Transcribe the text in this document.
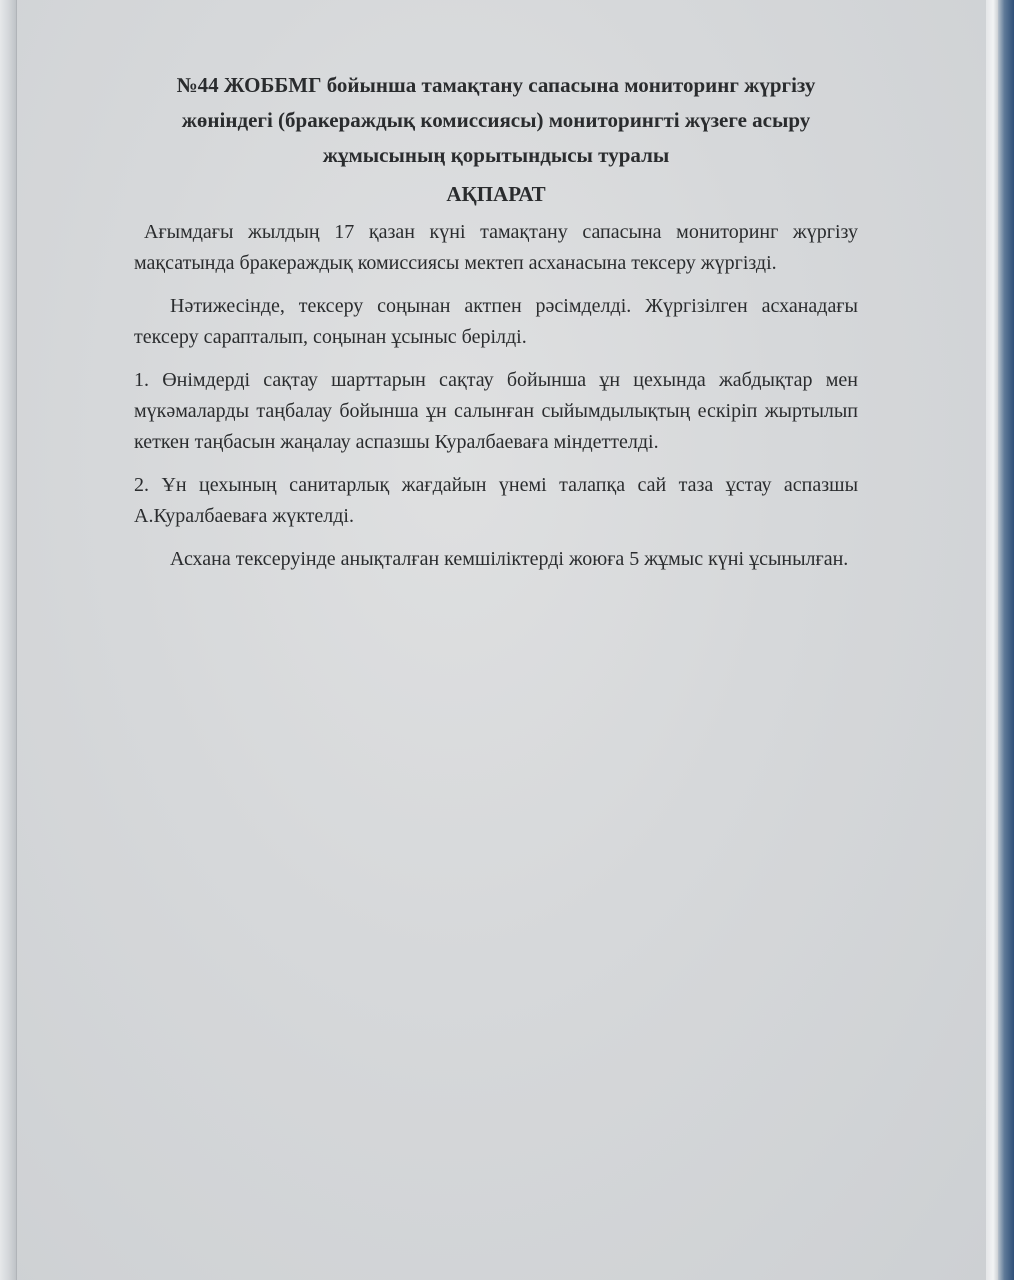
№44 ЖОББМГ бойынша тамақтану сапасына мониторинг жүргізу

жөніндегі (бракераждық комиссиясы) мониторингті жүзеге асыру

жұмысының қорытындысы туралы

АҚПАРАТ

Ағымдағы жылдың 17 қазан күні тамақтану сапасына мониторинг жүргізу мақсатында бракераждық комиссиясы мектеп асханасына тексеру жүргізді.

Нәтижесінде, тексеру соңынан актпен рәсімделді. Жүргізілген асханадағы тексеру сарапталып, соңынан ұсыныс берілді.

1. Өнімдерді сақтау шарттарын сақтау бойынша ұн цехында жабдықтар мен мүкәмаларды таңбалау бойынша ұн салынған сыйымдылықтың ескіріп жыртылып кеткен таңбасын жаңалау аспазшы Куралбаеваға міндеттелді.

2. Ұн цехының санитарлық жағдайын үнемі талапқа сай таза ұстау аспазшы А.Куралбаеваға жүктелді.

Асхана тексеруінде анықталған кемшіліктерді жоюға 5 жұмыс күні ұсынылған.
